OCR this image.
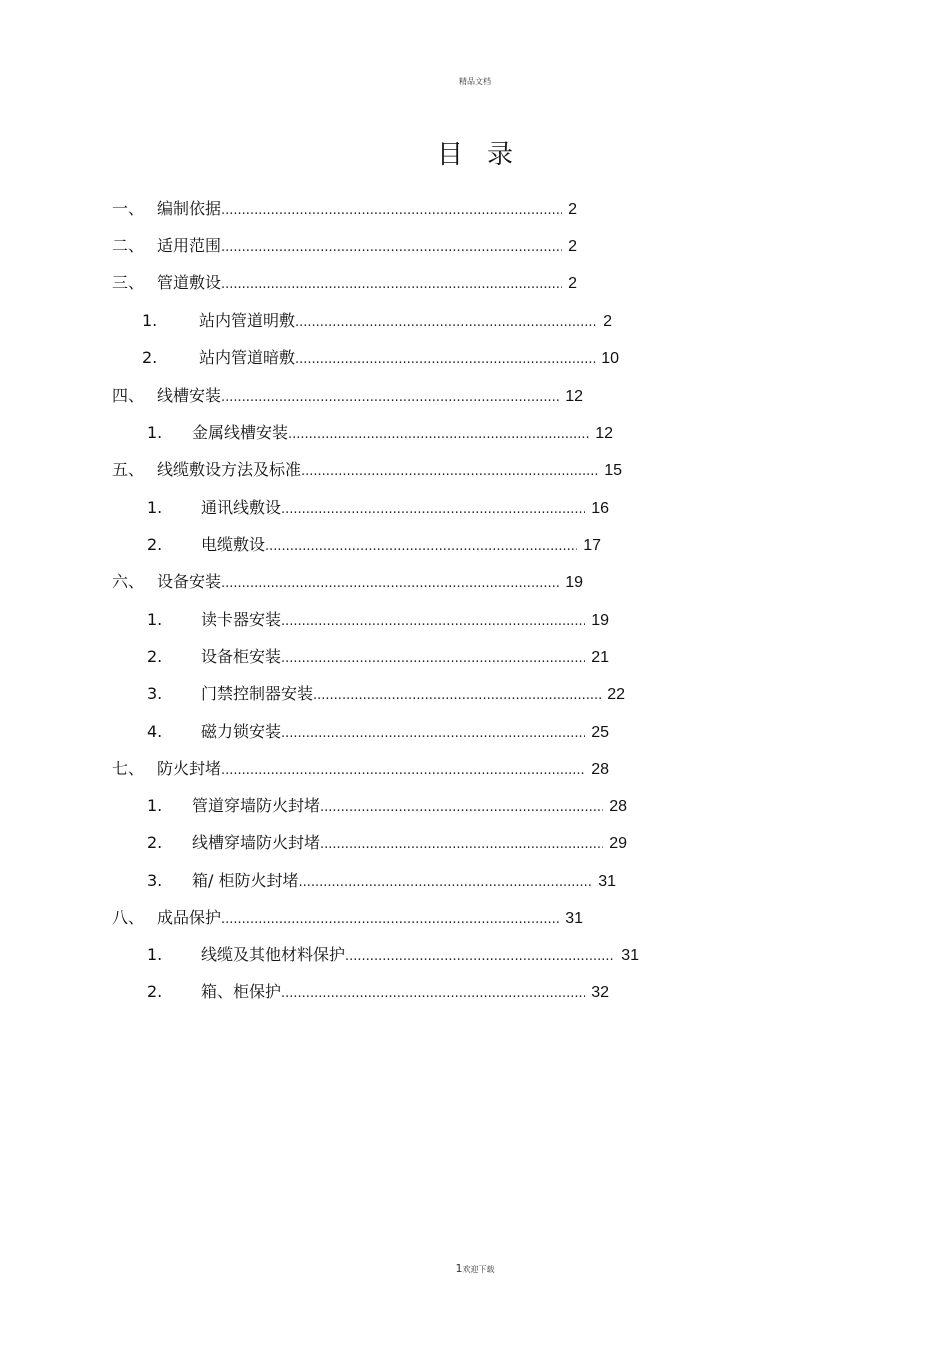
精品文档
目录
一、 编制依据 .....	2
二、 适用范围 .....	2
三、 管道敷设 .....	2
1.	站内管道明敷 .....	2
2.	站内管道暗敷 .....	10
四、 线槽安装 .....	12
1. 金属线槽安装 .....	12
五、 线缆敷设方法及标准 .....	15
1. 通讯线敷设 .....	16
2. 电缆敷设 .....	17
六、 设备安装 .....	19
1. 读卡器安装 .....	19
2. 设备柜安装 .....	21
3. 门禁控制器安装 .....	22
4. 磁力锁安装 .....	25
七、 防火封堵 .....	28
1. 管道穿墙防火封堵 .....	28
2. 线槽穿墙防火封堵 .....	29
3. 箱/ 柜防火封堵 .....	31
八、 成品保护 .....	31
1. 线缆及其他材料保护 .....	31
2. 箱、柜保护 .....	32
1欢迎下载
